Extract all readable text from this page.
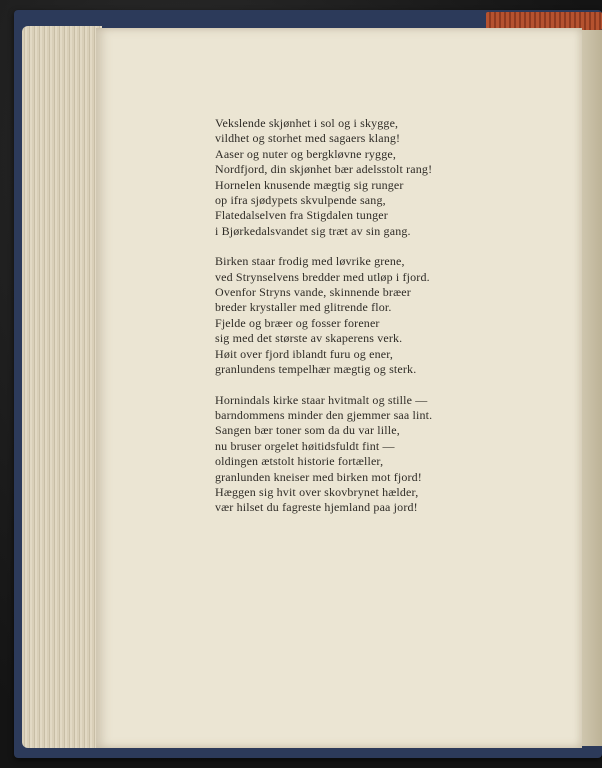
Vekslende skjønhet i sol og i skygge,
vildhet og storhet med sagaers klang!
Aaser og nuter og bergkløvne rygge,
Nordfjord, din skjønhet bær adelsstolt rang!
Hornelen knusende mægtig sig runger
op ifra sjødypets skvulpende sang,
Flatedalselven fra Stigdalen tunger
i Bjørkedalsvandet sig træt av sin gang.
Birken staar frodig med løvrike grene,
ved Strynselvens bredder med utløp i fjord.
Ovenfor Stryns vande, skinnende bræer
breder krystaller med glitrende flor.
Fjelde og bræer og fosser forener
sig med det største av skaperens verk.
Høit over fjord iblandt furu og ener,
granlundens tempelhær mægtig og sterk.
Hornindals kirke staar hvitmalt og stille —
barndommens minder den gjemmer saa lint.
Sangen bær toner som da du var lille,
nu bruser orgelet høitidsfuldt fint —
oldingen ætstolt historie fortæller,
granlunden kneiser med birken mot fjord!
Hæggen sig hvit over skovbrynet hælder,
vær hilset du fagreste hjemland paa jord!
